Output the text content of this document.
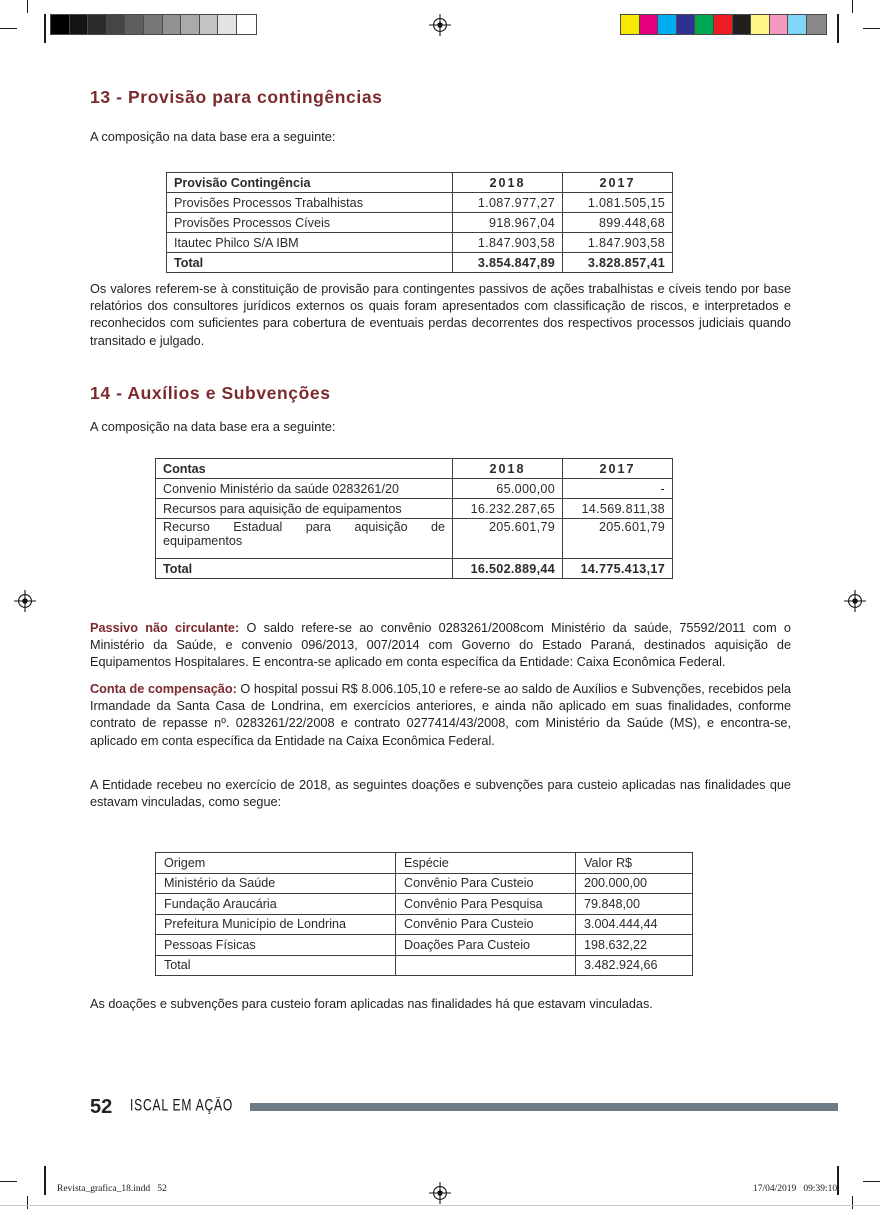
13 - Provisão para contingências
A composição na data base era a seguinte:
Provisão Contingência	2018	2017
Provisões Processos Trabalhistas	1.087.977,27	1.081.505,15
Provisões Processos Cíveis	918.967,04	899.448,68
Itautec Philco S/A IBM	1.847.903,58	1.847.903,58
Total	3.854.847,89	3.828.857,41
Os valores referem-se à constituição de provisão para contingentes passivos de ações trabalhistas e cíveis tendo por base relatórios dos consultores jurídicos externos os quais foram apresentados com classificação de riscos, e interpretados e reconhecidos com suficientes para cobertura de eventuais perdas decorrentes dos respectivos processos judiciais quando transitado e julgado.
14 - Auxílios e Subvenções
A composição na data base era a seguinte:
Contas	2018	2017
Convenio Ministério da saúde 0283261/20	65.000,00	-
Recursos para aquisição de equipamentos	16.232.287,65	14.569.811,38
Recurso Estadual para aquisição de equipamentos	205.601,79	205.601,79
Total	16.502.889,44	14.775.413,17
Passivo não circulante: O saldo refere-se ao convênio 0283261/2008com Ministério da saúde, 75592/2011 com o Ministério da Saúde, e convenio 096/2013, 007/2014 com Governo do Estado Paraná, destinados aquisição de Equipamentos Hospitalares. E encontra-se aplicado em conta específica da Entidade: Caixa Econômica Federal.
Conta de compensação: O hospital possui R$ 8.006.105,10 e refere-se ao saldo de Auxílios e Subvenções, recebidos pela Irmandade da Santa Casa de Londrina, em exercícios anteriores, e ainda não aplicado em suas finalidades, conforme contrato de repasse nº. 0283261/22/2008 e contrato 0277414/43/2008, com Ministério da Saúde (MS), e encontra-se, aplicado em conta específica da Entidade na Caixa Econômica Federal.
A Entidade recebeu no exercício de 2018, as seguintes doações e subvenções para custeio aplicadas nas finalidades que estavam vinculadas, como segue:
Origem	Espécie	Valor R$
Ministério da Saúde	Convênio Para Custeio	200.000,00
Fundação Araucária	Convênio Para Pesquisa	79.848,00
Prefeitura Município de Londrina	Convênio Para Custeio	3.004.444,44
Pessoas Físicas	Doações Para Custeio	198.632,22
Total		3.482.924,66
As doações e subvenções para custeio foram aplicadas nas finalidades há que estavam vinculadas.
52 ISCAL EM AÇÃO
Revista_grafica_18.indd   52	17/04/2019   09:39:10
